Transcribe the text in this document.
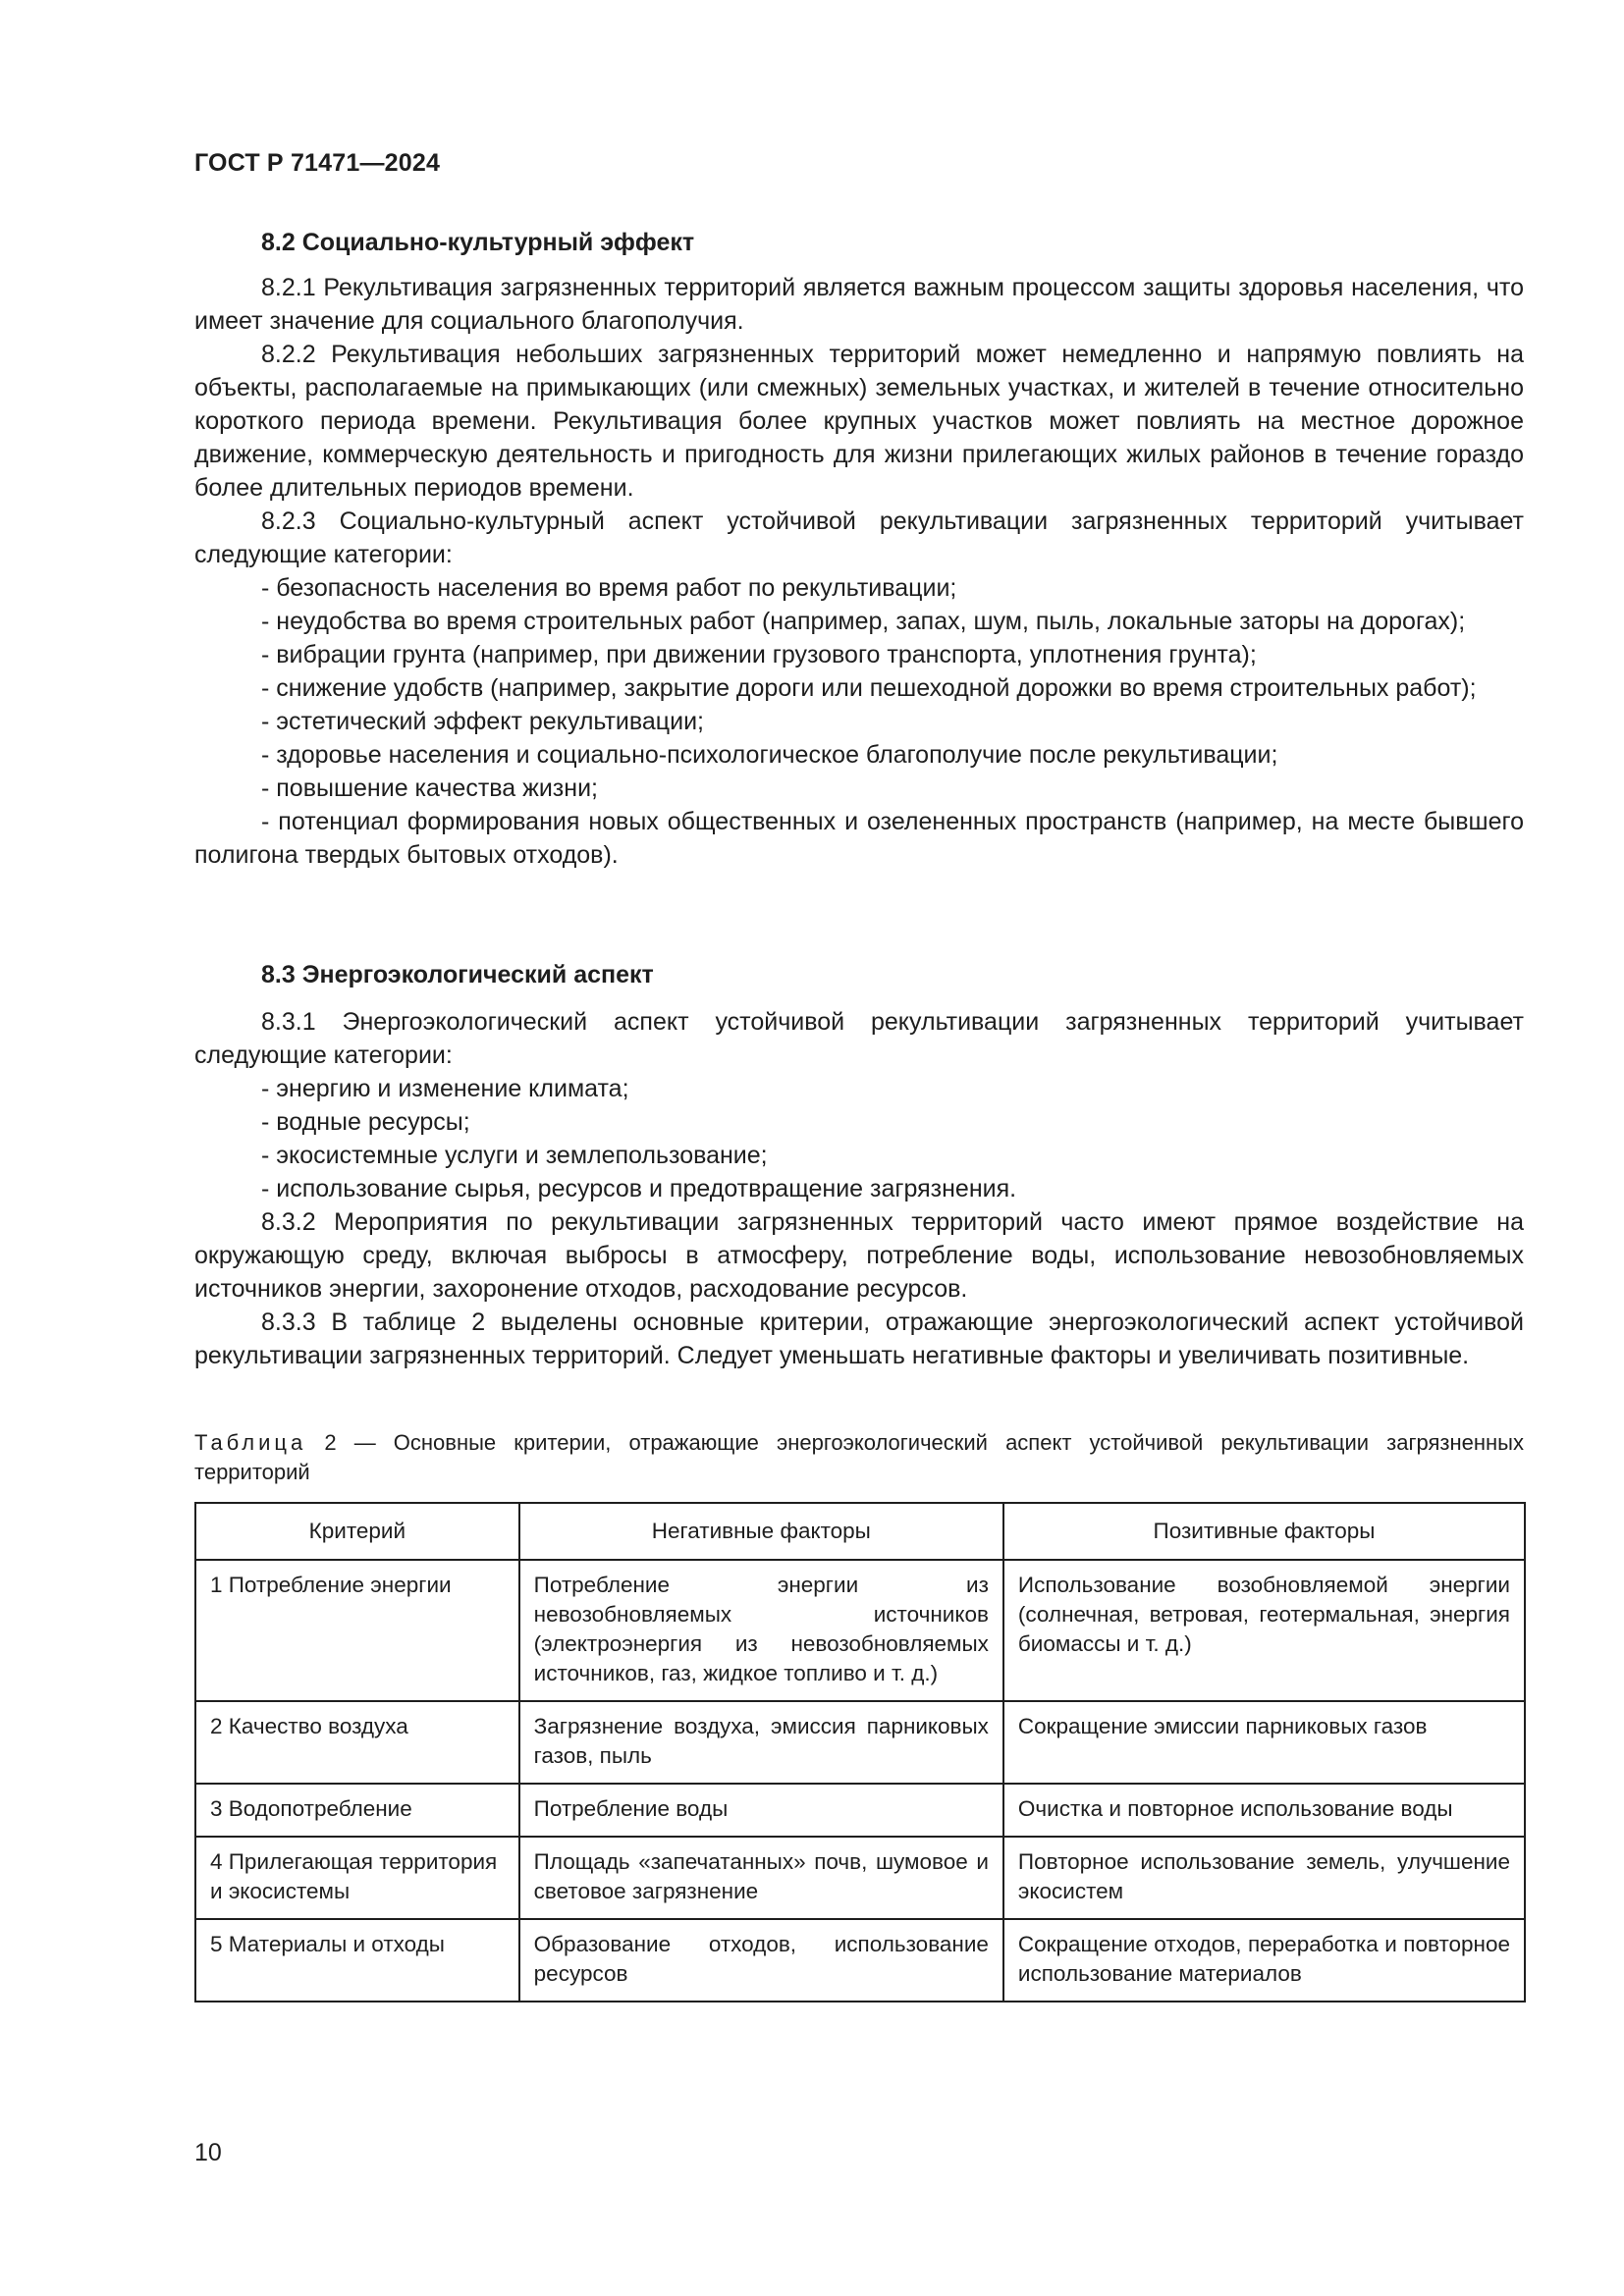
ГОСТ Р 71471—2024

8.2 Социально-культурный эффект

8.2.1 Рекультивация загрязненных территорий является важным процессом защиты здоровья населения, что имеет значение для социального благополучия.

8.2.2 Рекультивация небольших загрязненных территорий может немедленно и напрямую повлиять на объекты, располагаемые на примыкающих (или смежных) земельных участках, и жителей в течение относительно короткого периода времени. Рекультивация более крупных участков может повлиять на местное дорожное движение, коммерческую деятельность и пригодность для жизни прилегающих жилых районов в течение гораздо более длительных периодов времени.

8.2.3 Социально-культурный аспект устойчивой рекультивации загрязненных территорий учитывает следующие категории:

- безопасность населения во время работ по рекультивации;

- неудобства во время строительных работ (например, запах, шум, пыль, локальные заторы на дорогах);

- вибрации грунта (например, при движении грузового транспорта, уплотнения грунта);

- снижение удобств (например, закрытие дороги или пешеходной дорожки во время строительных работ);

- эстетический эффект рекультивации;

- здоровье населения и социально-психологическое благополучие после рекультивации;

- повышение качества жизни;

- потенциал формирования новых общественных и озелененных пространств (например, на месте бывшего полигона твердых бытовых отходов).

8.3 Энергоэкологический аспект

8.3.1 Энергоэкологический аспект устойчивой рекультивации загрязненных территорий учитывает следующие категории:

- энергию и изменение климата;

- водные ресурсы;

- экосистемные услуги и землепользование;

- использование сырья, ресурсов и предотвращение загрязнения.

8.3.2 Мероприятия по рекультивации загрязненных территорий часто имеют прямое воздействие на окружающую среду, включая выбросы в атмосферу, потребление воды, использование невозобновляемых источников энергии, захоронение отходов, расходование ресурсов.

8.3.3 В таблице 2 выделены основные критерии, отражающие энергоэкологический аспект устойчивой рекультивации загрязненных территорий. Следует уменьшать негативные факторы и увеличивать позитивные.

Таблица 2 — Основные критерии, отражающие энергоэкологический аспект устойчивой рекультивации загрязненных территорий
Критерий	Негативные факторы	Позитивные факторы
1 Потребление энергии	Потребление энергии из невозобновляемых источников (электроэнергия из невозобновляемых источников, газ, жидкое топливо и т. д.)	Использование возобновляемой энергии (солнечная, ветровая, геотермальная, энергия биомассы и т. д.)
2 Качество воздуха	Загрязнение воздуха, эмиссия парниковых газов, пыль	Сокращение эмиссии парниковых газов
3 Водопотребление	Потребление воды	Очистка и повторное использование воды
4 Прилегающая территория и экосистемы	Площадь «запечатанных» почв, шумовое и световое загрязнение	Повторное использование земель, улучшение экосистем
5 Материалы и отходы	Образование отходов, использование ресурсов	Сокращение отходов, переработка и повторное использование материалов
10
